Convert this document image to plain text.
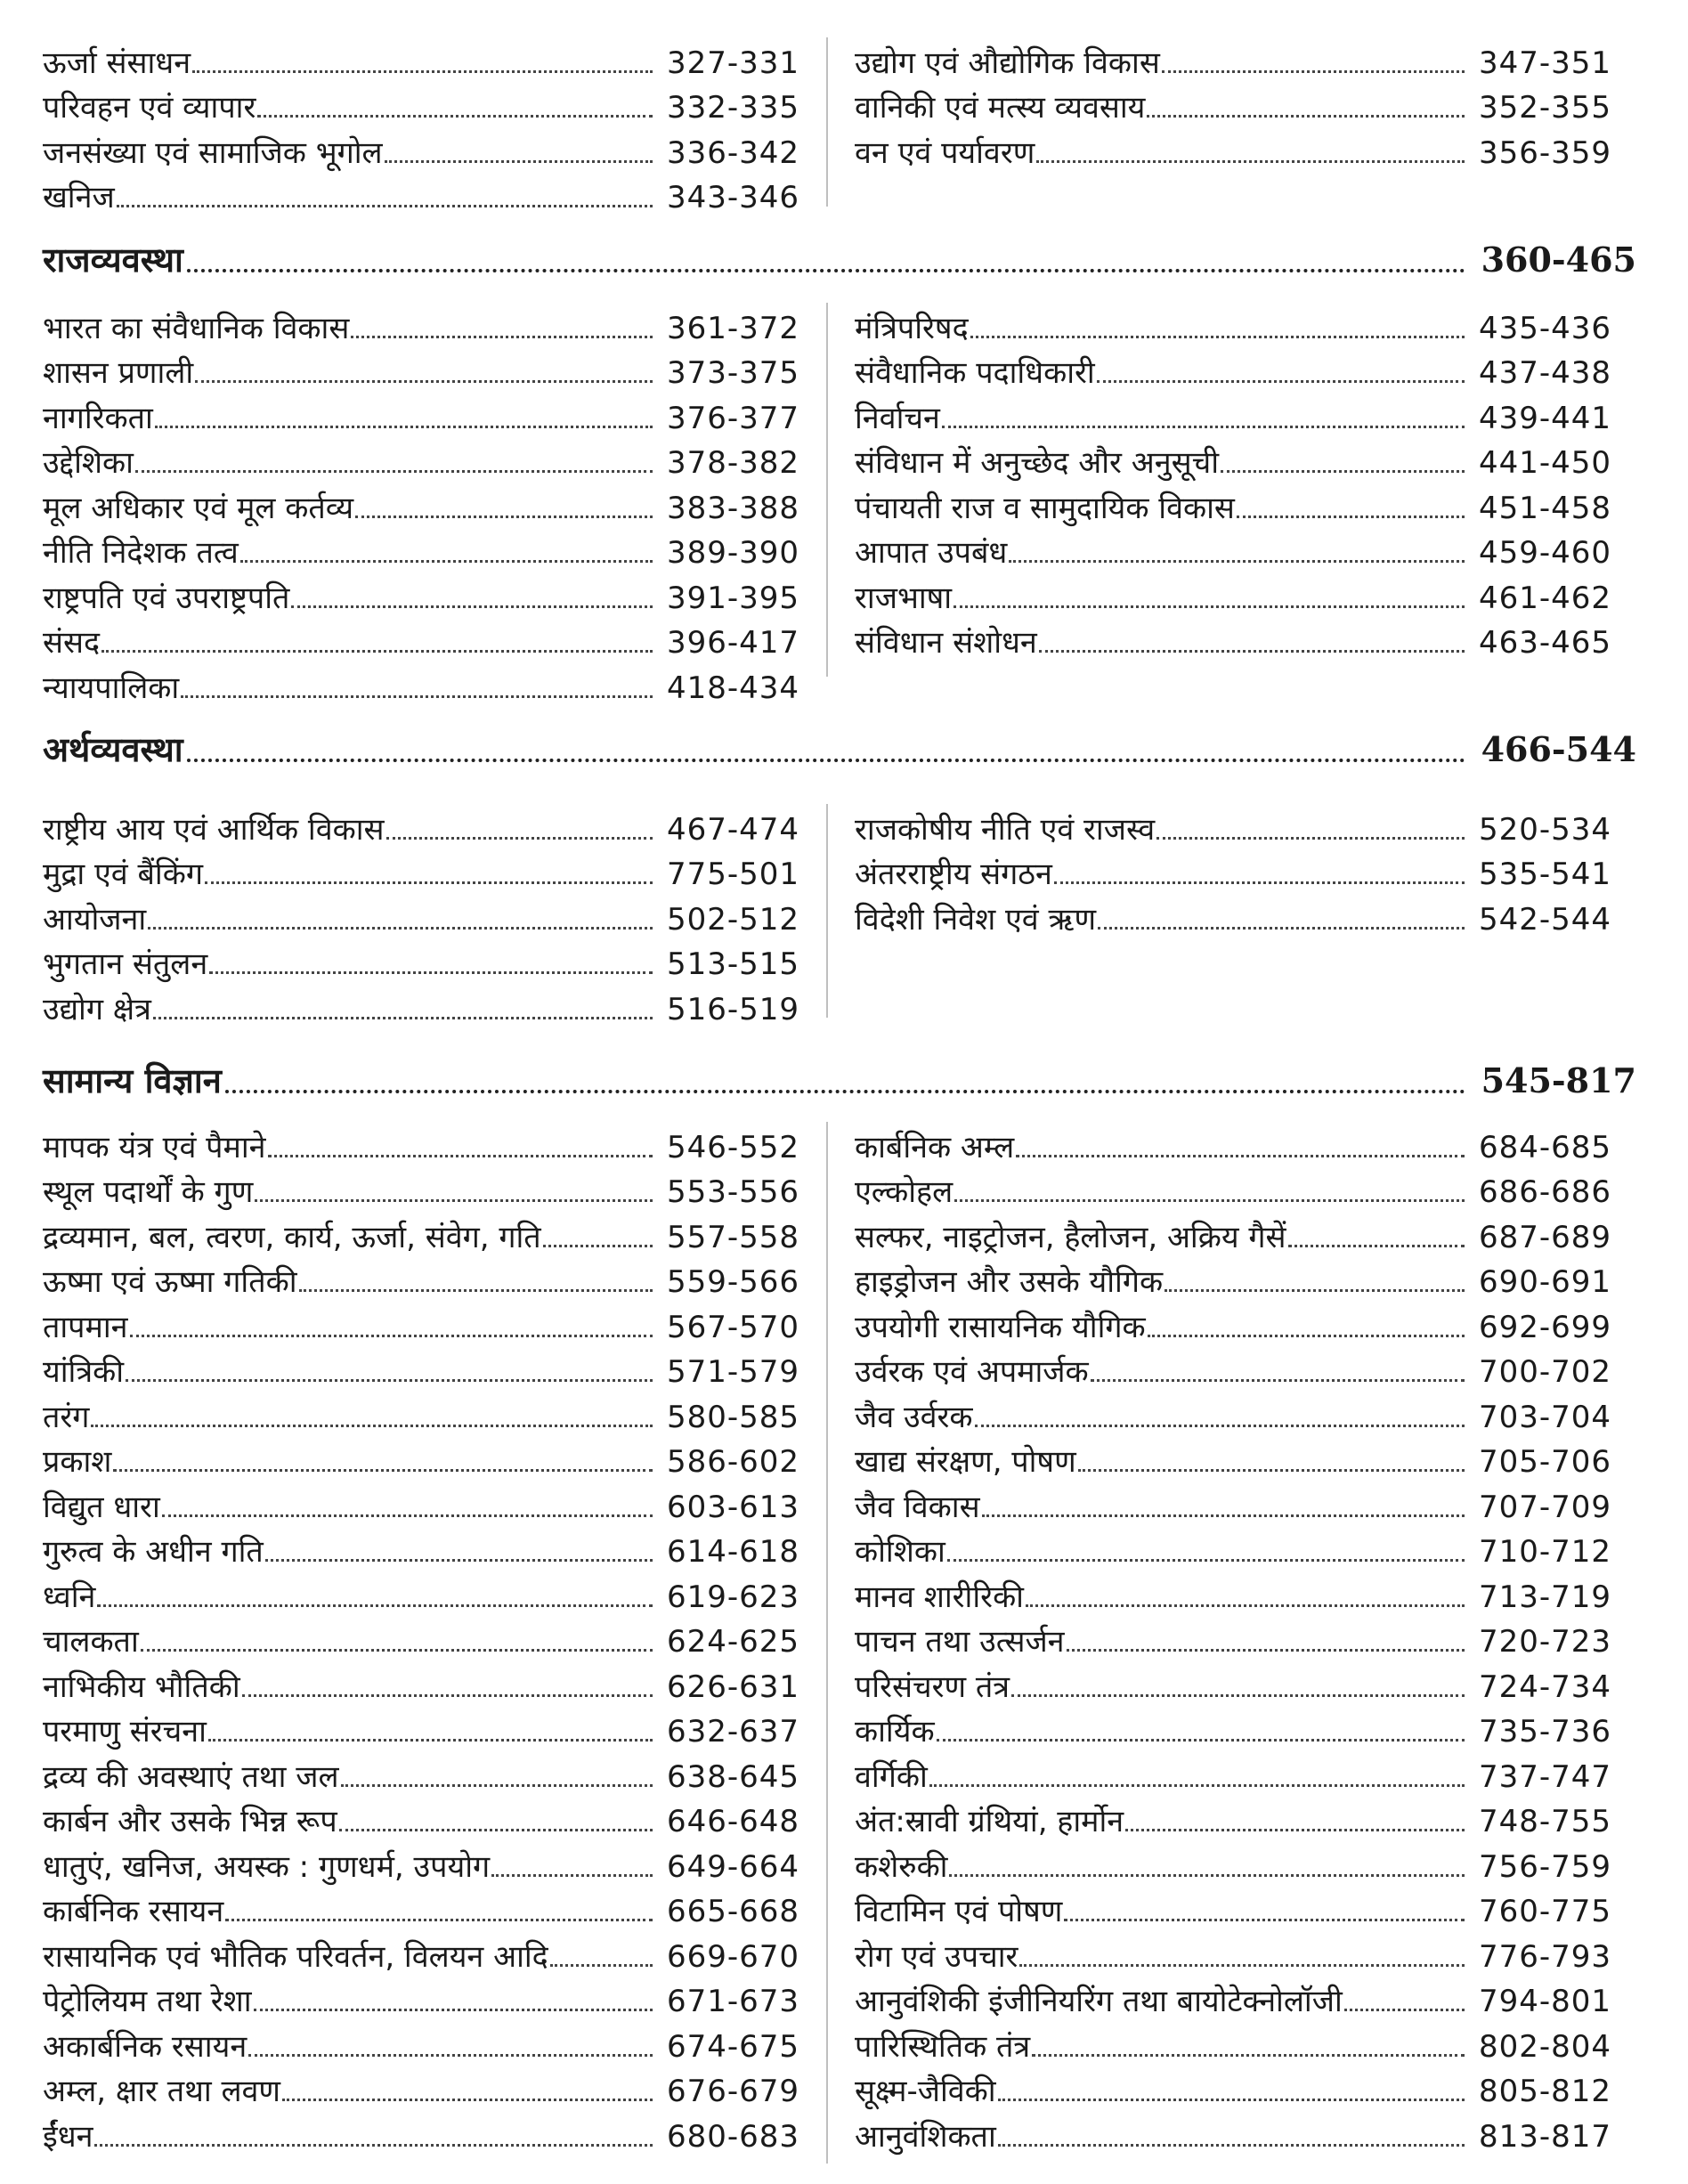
ऊर्जा संसाधन	327-331
परिवहन एवं व्यापार	332-335
जनसंख्या एवं सामाजिक भूगोल	336-342
खनिज	343-346
उद्योग एवं औद्योगिक विकास	347-351
वानिकी एवं मत्स्य व्यवसाय	352-355
वन एवं पर्यावरण	356-359
राजव्यवस्था	360-465
भारत का संवैधानिक विकास	361-372
शासन प्रणाली	373-375
नागरिकता	376-377
उद्देशिका	378-382
मूल अधिकार एवं मूल कर्तव्य	383-388
नीति निदेशक तत्व	389-390
राष्ट्रपति एवं उपराष्ट्रपति	391-395
संसद	396-417
न्यायपालिका	418-434
मंत्रिपरिषद	435-436
संवैधानिक पदाधिकारी	437-438
निर्वाचन	439-441
संविधान में अनुच्छेद और अनुसूची	441-450
पंचायती राज व सामुदायिक विकास	451-458
आपात उपबंध	459-460
राजभाषा	461-462
संविधान संशोधन	463-465
अर्थव्यवस्था	466-544
राष्ट्रीय आय एवं आर्थिक विकास	467-474
मुद्रा एवं बैंकिंग	775-501
आयोजना	502-512
भुगतान संतुलन	513-515
उद्योग क्षेत्र	516-519
राजकोषीय नीति एवं राजस्व	520-534
अंतरराष्ट्रीय संगठन	535-541
विदेशी निवेश एवं ऋण	542-544
सामान्य विज्ञान	545-817
मापक यंत्र एवं पैमाने	546-552
स्थूल पदार्थों के गुण	553-556
द्रव्यमान, बल, त्वरण, कार्य, ऊर्जा, संवेग, गति	557-558
ऊष्मा एवं ऊष्मा गतिकी	559-566
तापमान	567-570
यांत्रिकी	571-579
तरंग	580-585
प्रकाश	586-602
विद्युत धारा	603-613
गुरुत्व के अधीन गति	614-618
ध्वनि	619-623
चालकता	624-625
नाभिकीय भौतिकी	626-631
परमाणु संरचना	632-637
द्रव्य की अवस्थाएं तथा जल	638-645
कार्बन और उसके भिन्न रूप	646-648
धातुएं, खनिज, अयस्क : गुणधर्म, उपयोग	649-664
कार्बनिक रसायन	665-668
रासायनिक एवं भौतिक परिवर्तन, विलयन आदि	669-670
पेट्रोलियम तथा रेशा	671-673
अकार्बनिक रसायन	674-675
अम्ल, क्षार तथा लवण	676-679
ईंधन	680-683
कार्बनिक अम्ल	684-685
एल्कोहल	686-686
सल्फर, नाइट्रोजन, हैलोजन, अक्रिय गैसें	687-689
हाइड्रोजन और उसके यौगिक	690-691
उपयोगी रासायनिक यौगिक	692-699
उर्वरक एवं अपमार्जक	700-702
जैव उर्वरक	703-704
खाद्य संरक्षण, पोषण	705-706
जैव विकास	707-709
कोशिका	710-712
मानव शारीरिकी	713-719
पाचन तथा उत्सर्जन	720-723
परिसंचरण तंत्र	724-734
कार्यिक	735-736
वर्गिकी	737-747
अंत:स्रावी ग्रंथियां, हार्मोन	748-755
कशेरुकी	756-759
विटामिन एवं पोषण	760-775
रोग एवं उपचार	776-793
आनुवंशिकी इंजीनियरिंग तथा बायोटेक्नोलॉजी	794-801
पारिस्थितिक तंत्र	802-804
सूक्ष्म-जैविकी	805-812
आनुवंशिकता	813-817
